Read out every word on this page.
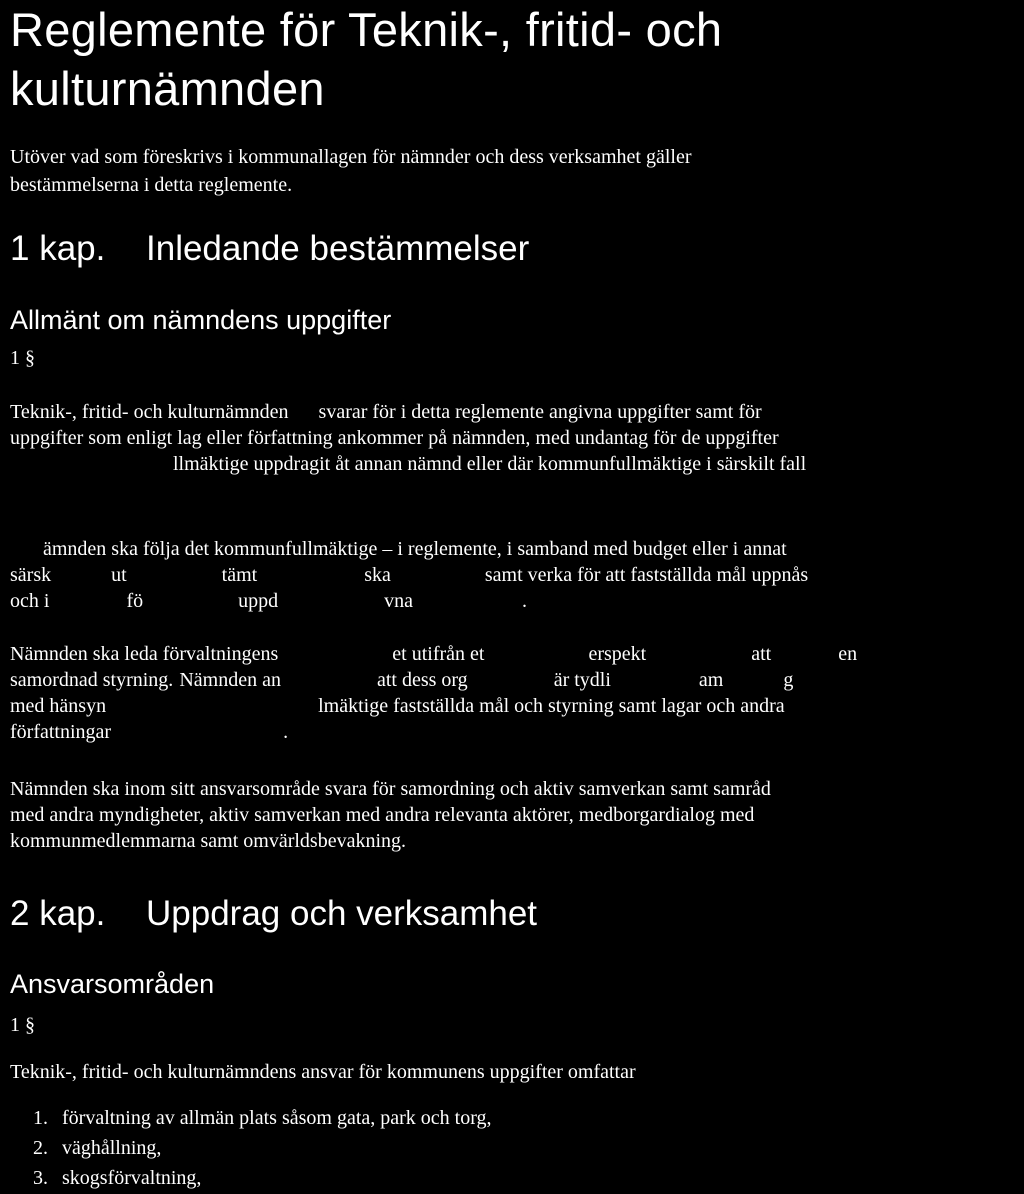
Reglemente för Teknik-, fritid- och
kulturnämnden
Utöver vad som föreskrivs i kommunallagen för nämnder och dess verksamhet gäller
bestämmelserna i detta reglemente.
1 kap. Inledande bestämmelser
Allmänt om nämndens uppgifter
1 §
Teknik-, fritid- och kulturnämnden svarar för i detta reglemente angivna uppgifter samt för
uppgifter som enligt lag eller författning ankommer på nämnden, med undantag för de uppgifter
llmäktige uppdragit åt annan nämnd eller där kommunfullmäktige i särskilt fall
ämnden ska följa det kommunfullmäktige – i reglemente, i samband med budget eller i annat
särsk	ut	tämt	ska	samt verka för att fastställda mål uppnås
och i	fö	uppd	vna	.
Nämnden ska leda förvaltningens	et utifrån et	erspekt	att	en
samordnad styrning. Nämnden an	att dess org	är tydli	am	g
med hänsyn	lmäktige fastställda mål och styrning samt lagar och andra
författningar	.
Nämnden ska inom sitt ansvarsområde svara för samordning och aktiv samverkan samt samråd
med andra myndigheter, aktiv samverkan med andra relevanta aktörer, medborgardialog med
kommunmedlemmarna samt omvärldsbevakning.
2 kap. Uppdrag och verksamhet
Ansvarsområden
1 §
Teknik-, fritid- och kulturnämndens ansvar för kommunens uppgifter omfattar
1. förvaltning av allmän plats såsom gata, park och torg,
2. väghållning,
3. skogsförvaltning,
